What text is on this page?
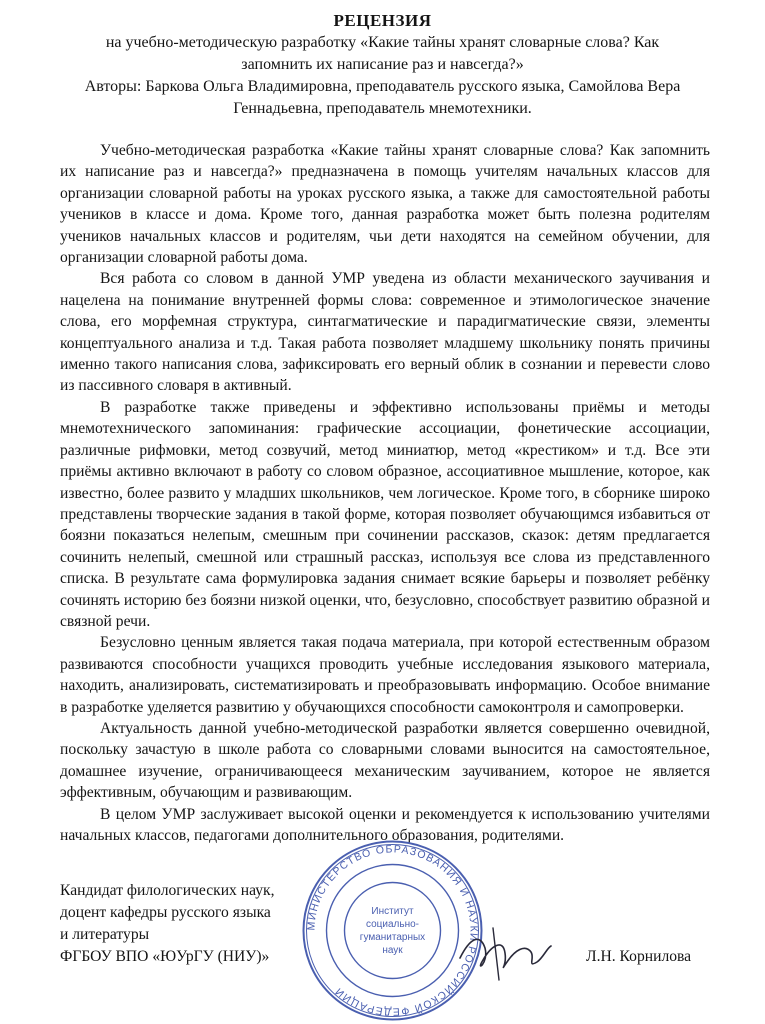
РЕЦЕНЗИЯ
на учебно-методическую разработку «Какие тайны хранят словарные слова? Как
запомнить их написание раз и навсегда?»
Авторы: Баркова Ольга Владимировна, преподаватель русского языка, Самойлова Вера
Геннадьевна, преподаватель мнемотехники.

Учебно-методическая разработка «Какие тайны хранят словарные слова? Как запомнить их написание раз и навсегда?» предназначена в помощь учителям начальных классов для организации словарной работы на уроках русского языка, а также для самостоятельной работы учеников в классе и дома. Кроме того, данная разработка может быть полезна родителям учеников начальных классов и родителям, чьи дети находятся на семейном обучении, для организации словарной работы дома.

Вся работа со словом в данной УМР уведена из области механического заучивания и нацелена на понимание внутренней формы слова: современное и этимологическое значение слова, его морфемная структура, синтагматические и парадигматические связи, элементы концептуального анализа и т.д. Такая работа позволяет младшему школьнику понять причины именно такого написания слова, зафиксировать его верный облик в сознании и перевести слово из пассивного словаря в активный.

В разработке также приведены и эффективно использованы приёмы и методы мнемотехнического запоминания: графические ассоциации, фонетические ассоциации, различные рифмовки, метод созвучий, метод миниатюр, метод «крестиком» и т.д. Все эти приёмы активно включают в работу со словом образное, ассоциативное мышление, которое, как известно, более развито у младших школьников, чем логическое. Кроме того, в сборнике широко представлены творческие задания в такой форме, которая позволяет обучающимся избавиться от боязни показаться нелепым, смешным при сочинении рассказов, сказок: детям предлагается сочинить нелепый, смешной или страшный рассказ, используя все слова из представленного списка. В результате сама формулировка задания снимает всякие барьеры и позволяет ребёнку сочинять историю без боязни низкой оценки, что, безусловно, способствует развитию образной и связной речи.

Безусловно ценным является такая подача материала, при которой естественным образом развиваются способности учащихся проводить учебные исследования языкового материала, находить, анализировать, систематизировать и преобразовывать информацию. Особое внимание в разработке уделяется развитию у обучающихся способности самоконтроля и самопроверки.

Актуальность данной учебно-методической разработки является совершенно очевидной, поскольку зачастую в школе работа со словарными словами выносится на самостоятельное, домашнее изучение, ограничивающееся механическим заучиванием, которое не является эффективным, обучающим и развивающим.

В целом УМР заслуживает высокой оценки и рекомендуется к использованию учителями начальных классов, педагогами дополнительного образования, родителями.

Кандидат филологических наук,
доцент кафедры русского языка
и литературы
ФГБОУ ВПО «ЮУрГУ (НИУ)»
МИНИСТЕРСТВО ОБРАЗОВАНИЯ И НАУКИ РОССИЙСКОЙ ФЕДЕРАЦИИ
Институт
социально-
гуманитарных
наук	Л.Н. Корнилова
